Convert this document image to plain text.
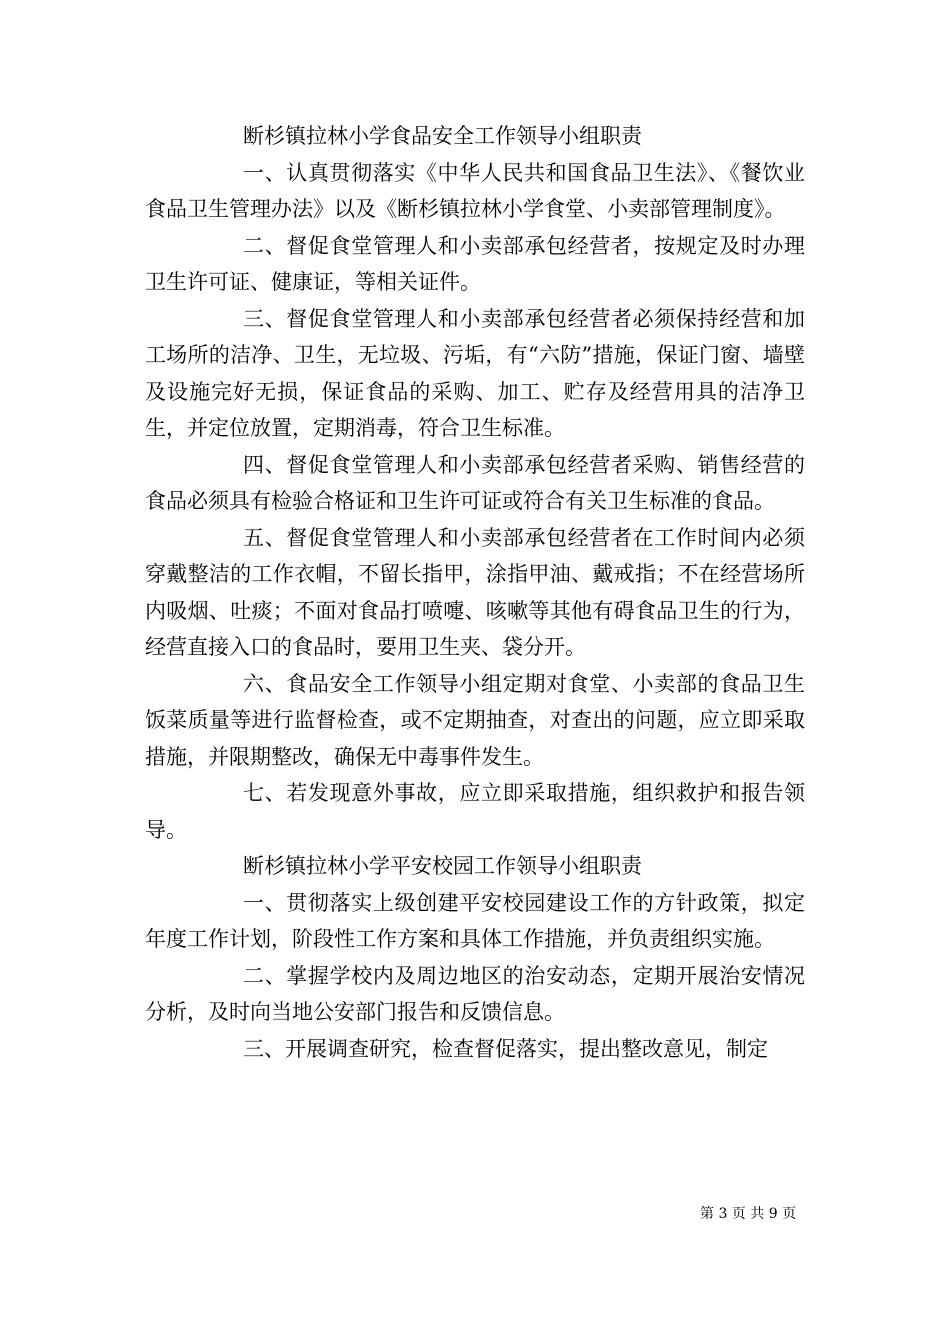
断杉镇拉林小学食品安全工作领导小组职责

一、认真贯彻落实《中华人民共和国食品卫生法》、《餐饮业食品卫生管理办法》以及《断杉镇拉林小学食堂、小卖部管理制度》。

二、督促食堂管理人和小卖部承包经营者，按规定及时办理卫生许可证、健康证，等相关证件。

三、督促食堂管理人和小卖部承包经营者必须保持经营和加工场所的洁净、卫生，无垃圾、污垢，有“六防”措施，保证门窗、墙壁及设施完好无损，保证食品的采购、加工、贮存及经营用具的洁净卫生，并定位放置，定期消毒，符合卫生标准。

四、督促食堂管理人和小卖部承包经营者采购、销售经营的食品必须具有检验合格证和卫生许可证或符合有关卫生标准的食品。

五、督促食堂管理人和小卖部承包经营者在工作时间内必须穿戴整洁的工作衣帽，不留长指甲，涂指甲油、戴戒指；不在经营场所内吸烟、吐痰；不面对食品打喷嚏、咳嗽等其他有碍食品卫生的行为，经营直接入口的食品时，要用卫生夹、袋分开。

六、食品安全工作领导小组定期对食堂、小卖部的食品卫生饭菜质量等进行监督检查，或不定期抽查，对查出的问题，应立即采取措施，并限期整改，确保无中毒事件发生。

七、若发现意外事故，应立即采取措施，组织救护和报告领导。

断杉镇拉林小学平安校园工作领导小组职责

一、贯彻落实上级创建平安校园建设工作的方针政策，拟定年度工作计划，阶段性工作方案和具体工作措施，并负责组织实施。

二、掌握学校内及周边地区的治安动态，定期开展治安情况分析，及时向当地公安部门报告和反馈信息。

三、开展调查研究，检查督促落实，提出整改意见，制定

第 3 页 共 9 页
